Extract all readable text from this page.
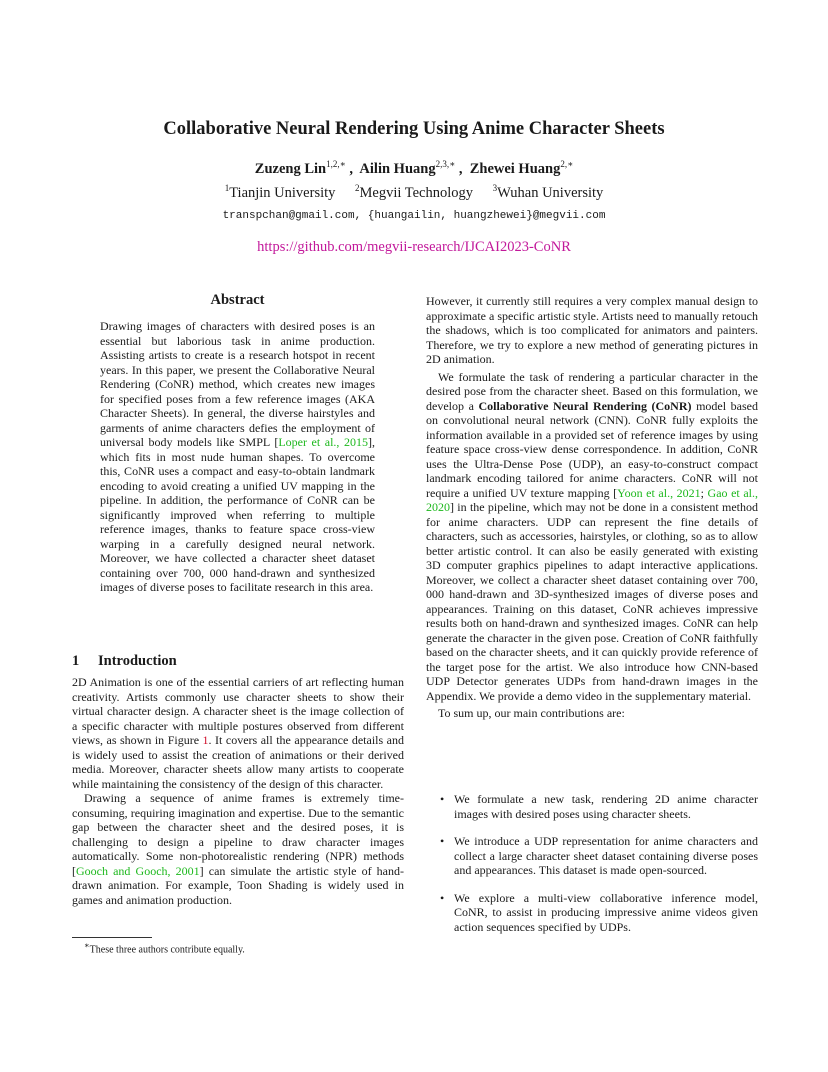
Collaborative Neural Rendering Using Anime Character Sheets
Zuzeng Lin$^{1,2,∗}$ ,  Ailin Huang$^{2,3,∗}$ ,  Zhewei Huang$^{2,∗}$
$^1$Tianjin University $^2$Megvii Technology $^3$Wuhan University
transpchan@gmail.com, {huangailin, huangzhewei}@megvii.com
https://github.com/megvii-research/IJCAI2023-CoNR
Abstract

Drawing images of characters with desired poses is an essential but laborious task in anime production. Assisting artists to create is a research hotspot in recent years. In this paper, we present the Collaborative Neural Rendering (CoNR) method, which creates new images for specified poses from a few reference images (AKA Character Sheets). In general, the diverse hairstyles and garments of anime characters defies the employment of universal body models like SMPL [Loper et al., 2015], which fits in most nude human shapes. To overcome this, CoNR uses a compact and easy-to-obtain landmark encoding to avoid creating a unified UV mapping in the pipeline. In addition, the performance of CoNR can be significantly improved when referring to multiple reference images, thanks to feature space cross-view warping in a carefully designed neural network. Moreover, we have collected a character sheet dataset containing over 700, 000 hand-drawn and synthesized images of diverse poses to facilitate research in this area.

1 Introduction

2D Animation is one of the essential carriers of art reflecting human creativity. Artists commonly use character sheets to show their virtual character design. A character sheet is the image collection of a specific character with multiple postures observed from different views, as shown in Figure 1. It covers all the appearance details and is widely used to assist the creation of animations or their derived media. Moreover, character sheets allow many artists to cooperate while maintaining the consistency of the design of this character.

Drawing a sequence of anime frames is extremely time-consuming, requiring imagination and expertise. Due to the semantic gap between the character sheet and the desired poses, it is challenging to design a pipeline to draw character images automatically. Some non-photorealistic rendering (NPR) methods [Gooch and Gooch, 2001] can simulate the artistic style of hand-drawn animation. For example, Toon Shading is widely used in games and animation production.

∗These three authors contribute equally.

However, it currently still requires a very complex manual design to approximate a specific artistic style. Artists need to manually retouch the shadows, which is too complicated for animators and painters. Therefore, we try to explore a new method of generating pictures in 2D animation.

We formulate the task of rendering a particular character in the desired pose from the character sheet. Based on this formulation, we develop a Collaborative Neural Rendering (CoNR) model based on convolutional neural network (CNN). CoNR fully exploits the information available in a provided set of reference images by using feature space cross-view dense correspondence. In addition, CoNR uses the Ultra-Dense Pose (UDP), an easy-to-construct compact landmark encoding tailored for anime characters. CoNR will not require a unified UV texture mapping [Yoon et al., 2021; Gao et al., 2020] in the pipeline, which may not be done in a consistent method for anime characters. UDP can represent the fine details of characters, such as accessories, hairstyles, or clothing, so as to allow better artistic control. It can also be easily generated with existing 3D computer graphics pipelines to adapt interactive applications. Moreover, we collect a character sheet dataset containing over 700, 000 hand-drawn and 3D-synthesized images of diverse poses and appearances. Training on this dataset, CoNR achieves impressive results both on hand-drawn and synthesized images. CoNR can help generate the character in the given pose. Creation of CoNR faithfully based on the character sheets, and it can quickly provide reference of the target pose for the artist. We also introduce how CNN-based UDP Detector generates UDPs from hand-drawn images in the Appendix. We provide a demo video in the supplementary material.

To sum up, our main contributions are:

• We formulate a new task, rendering 2D anime character images with desired poses using character sheets.
• We introduce a UDP representation for anime characters and collect a large character sheet dataset containing diverse poses and appearances. This dataset is made open-sourced.
• We explore a multi-view collaborative inference model, CoNR, to assist in producing impressive anime videos given action sequences specified by UDPs.
